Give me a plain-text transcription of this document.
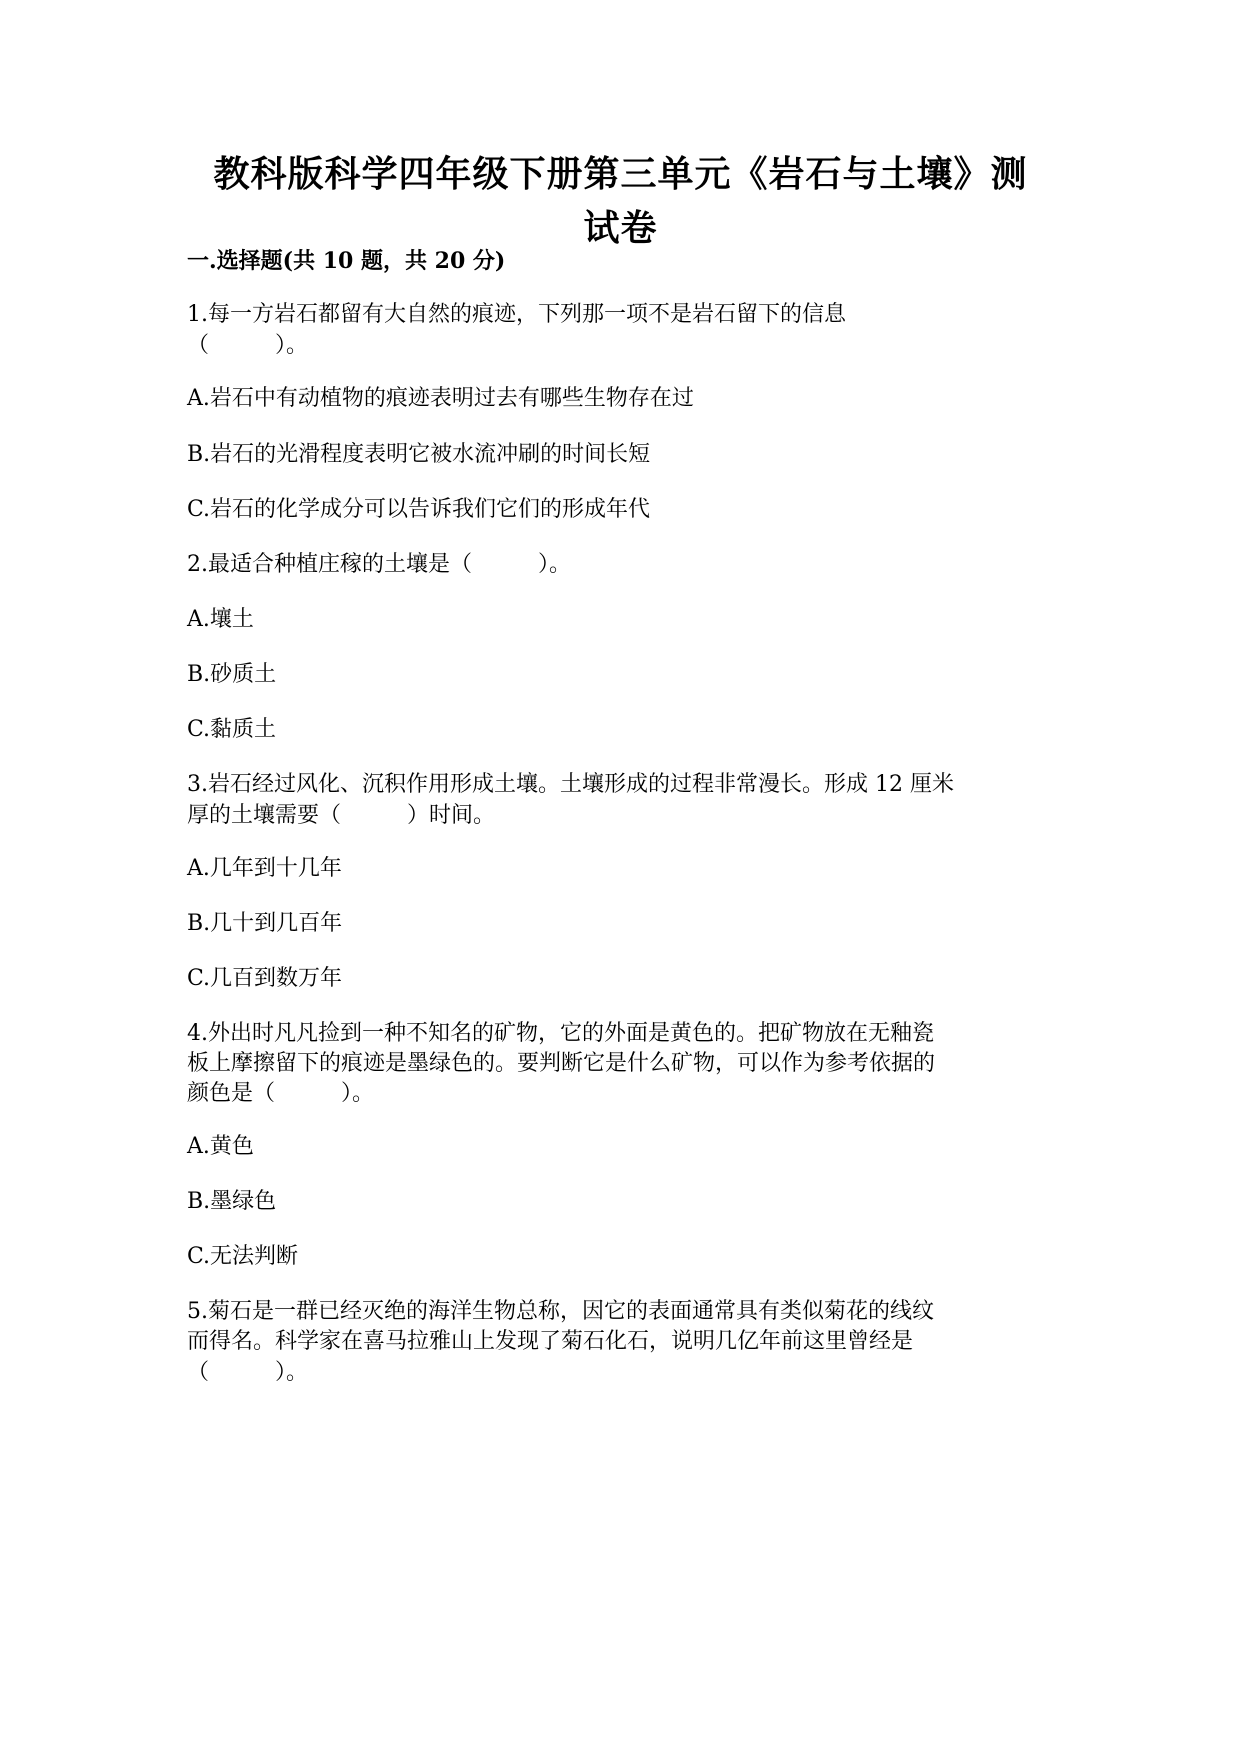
教科版科学四年级下册第三单元《岩石与土壤》测
试卷
一.选择题(共 10 题，共 20 分)
1.每一方岩石都留有大自然的痕迹，下列那一项不是岩石留下的信息
（　　　）。
A.岩石中有动植物的痕迹表明过去有哪些生物存在过
B.岩石的光滑程度表明它被水流冲刷的时间长短
C.岩石的化学成分可以告诉我们它们的形成年代
2.最适合种植庄稼的土壤是（　　　）。
A.壤土
B.砂质土
C.黏质土
3.岩石经过风化、沉积作用形成土壤。土壤形成的过程非常漫长。形成 12 厘米
厚的土壤需要（　　　）时间。
A.几年到十几年
B.几十到几百年
C.几百到数万年
4.外出时凡凡捡到一种不知名的矿物，它的外面是黄色的。把矿物放在无釉瓷
板上摩擦留下的痕迹是墨绿色的。要判断它是什么矿物，可以作为参考依据的
颜色是（　　　）。
A.黄色
B.墨绿色
C.无法判断
5.菊石是一群已经灭绝的海洋生物总称，因它的表面通常具有类似菊花的线纹
而得名。科学家在喜马拉雅山上发现了菊石化石，说明几亿年前这里曾经是
（　　　）。
